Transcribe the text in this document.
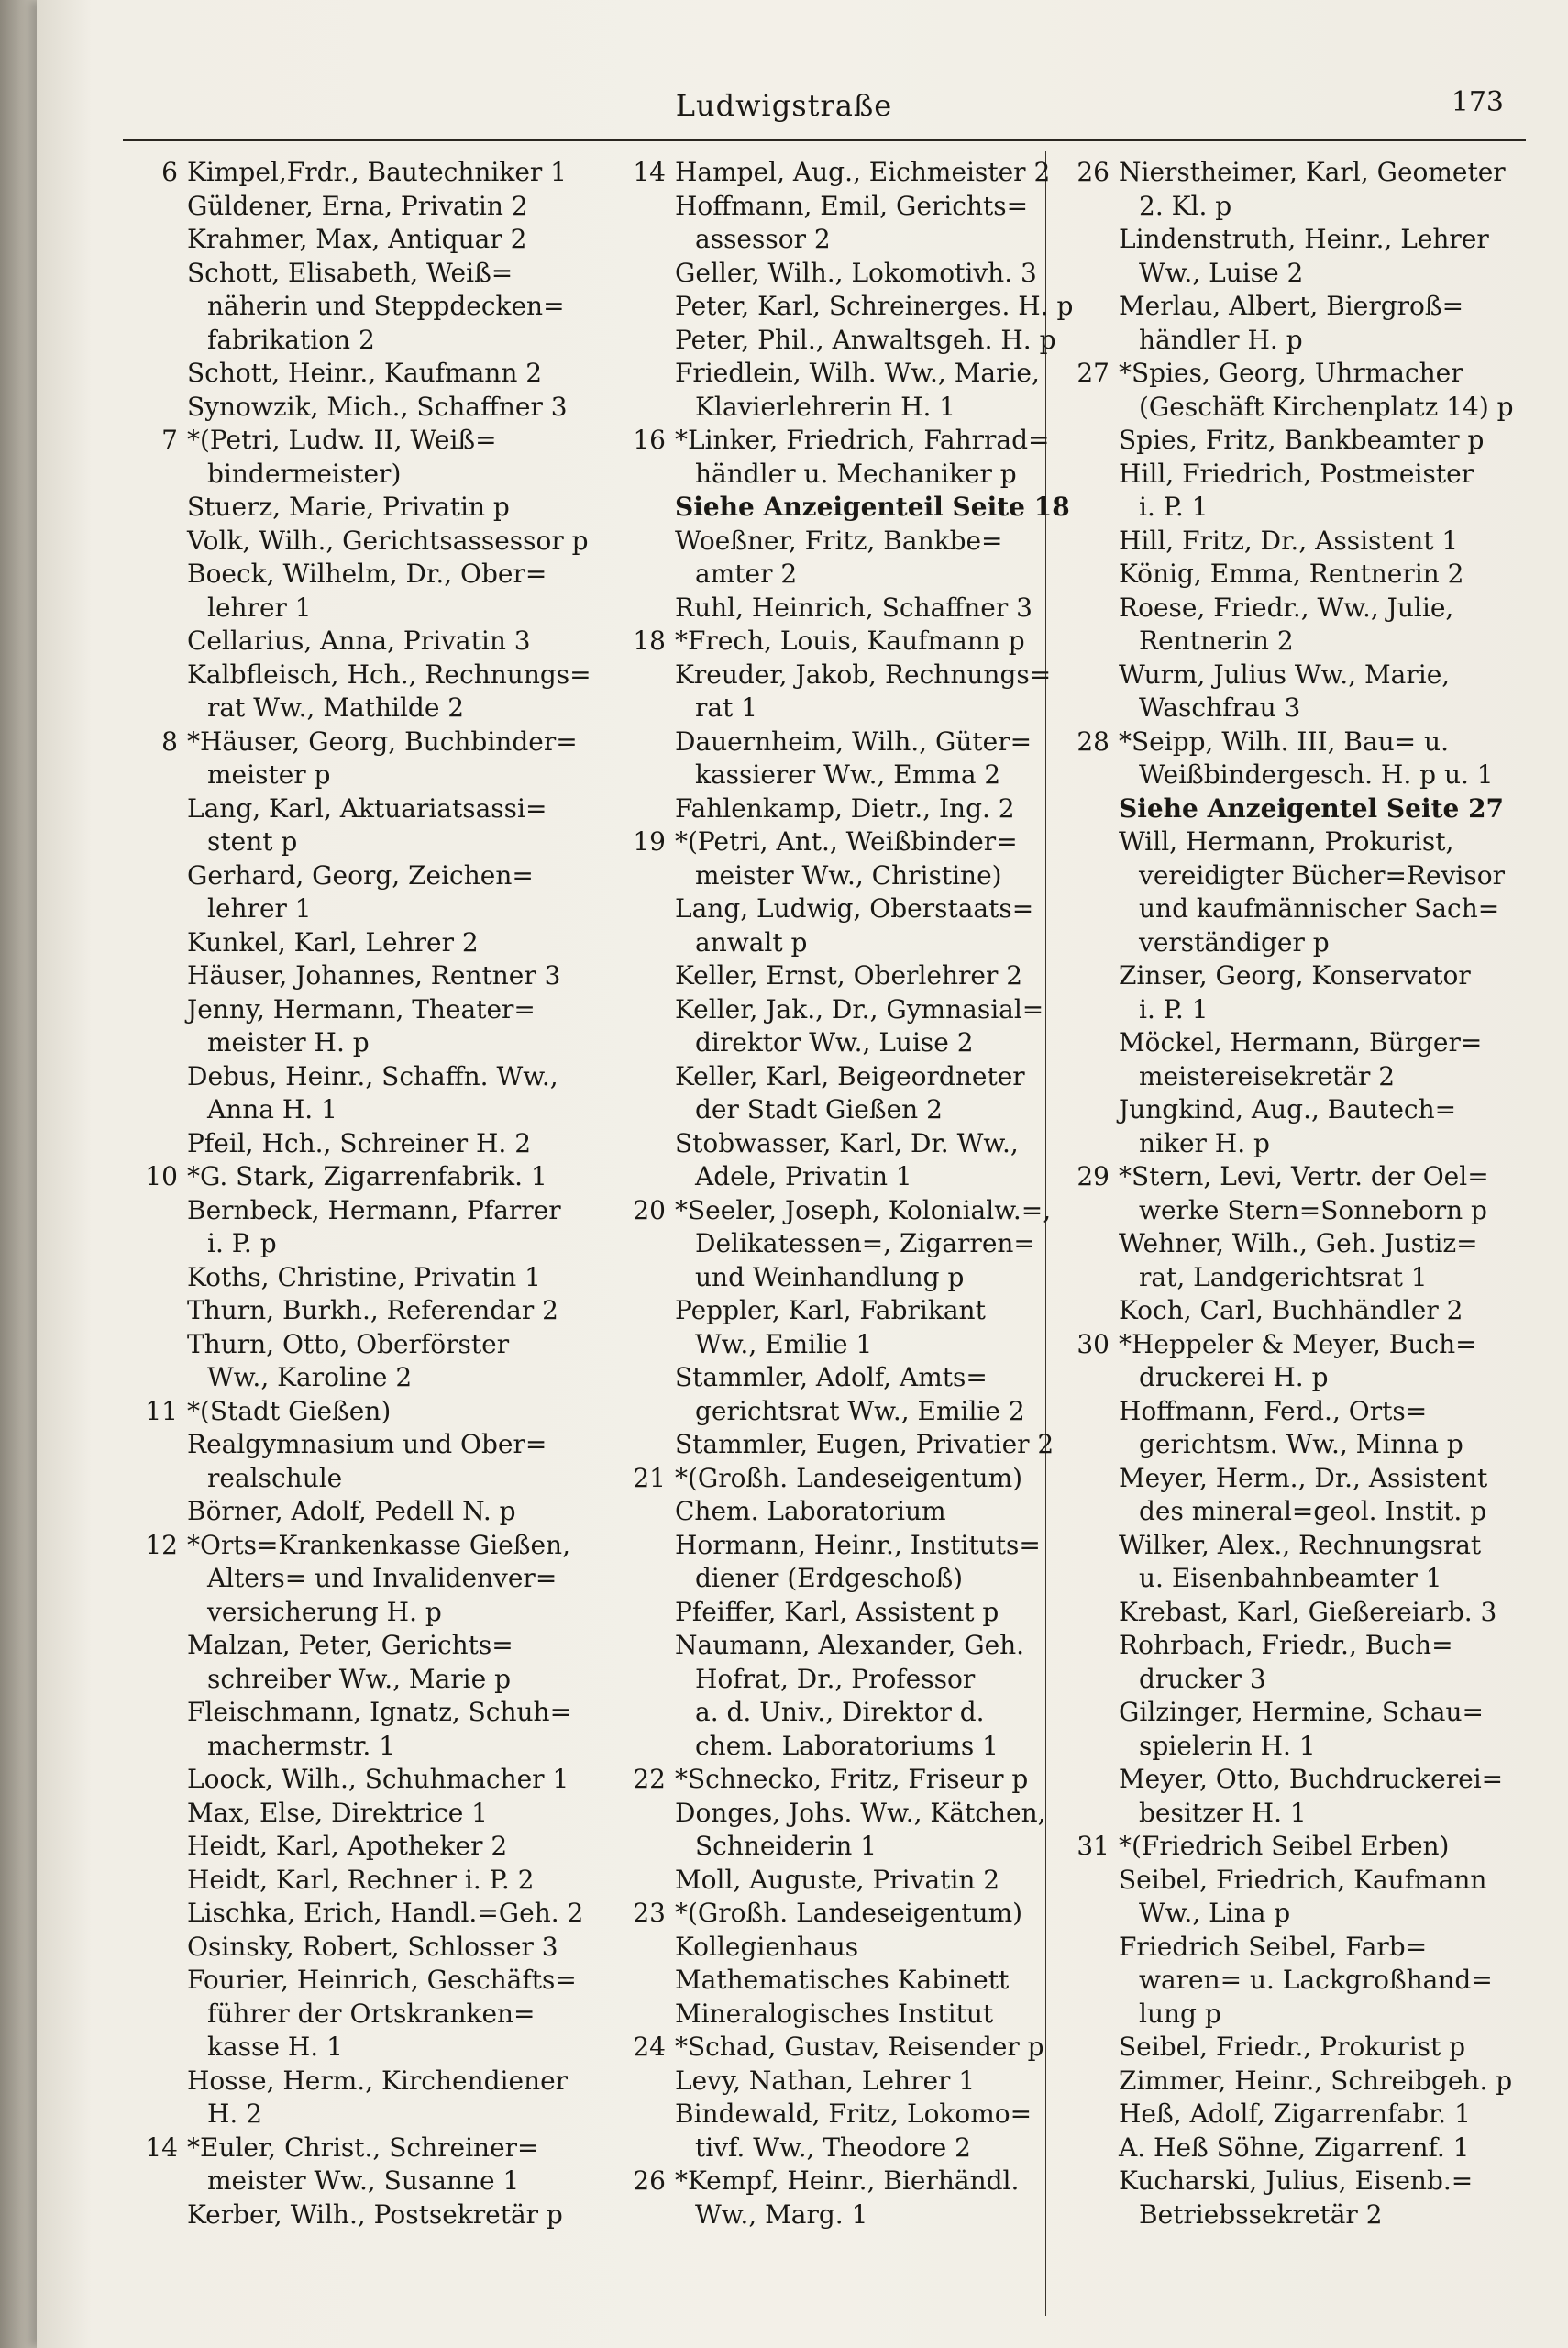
Ludwigstraße	173
6 Kimpel,Frdr., Bautechniker 1
Güldener, Erna, Privatin 2
Krahmer, Max, Antiquar 2
Schott, Elisabeth, Weiß=
näherin und Steppdecken=
fabrikation 2
Schott, Heinr., Kaufmann 2
Synowzik, Mich., Schaffner 3
7 *(Petri, Ludw. II, Weiß=
bindermeister)
Stuerz, Marie, Privatin p
Volk, Wilh., Gerichtsassessor p
Boeck, Wilhelm, Dr., Ober=
lehrer 1
Cellarius, Anna, Privatin 3
Kalbfleisch, Hch., Rechnungs=
rat Ww., Mathilde 2
8 *Häuser, Georg, Buchbinder=
meister p
Lang, Karl, Aktuariatsassi=
stent p
Gerhard, Georg, Zeichen=
lehrer 1
Kunkel, Karl, Lehrer 2
Häuser, Johannes, Rentner 3
Jenny, Hermann, Theater=
meister H. p
Debus, Heinr., Schaffn. Ww.,
Anna H. 1
Pfeil, Hch., Schreiner H. 2
10 *G. Stark, Zigarrenfabrik. 1
Bernbeck, Hermann, Pfarrer
i. P. p
Koths, Christine, Privatin 1
Thurn, Burkh., Referendar 2
Thurn, Otto, Oberförster
Ww., Karoline 2
11 *(Stadt Gießen)
Realgymnasium und Ober=
realschule
Börner, Adolf, Pedell N. p
12 *Orts=Krankenkasse Gießen,
Alters= und Invalidenver=
versicherung H. p
Malzan, Peter, Gerichts=
schreiber Ww., Marie p
Fleischmann, Ignatz, Schuh=
machermstr. 1
Loock, Wilh., Schuhmacher 1
Max, Else, Direktrice 1
Heidt, Karl, Apotheker 2
Heidt, Karl, Rechner i. P. 2
Lischka, Erich, Handl.=Geh. 2
Osinsky, Robert, Schlosser 3
Fourier, Heinrich, Geschäfts=
führer der Ortskranken=
kasse H. 1
Hosse, Herm., Kirchendiener
H. 2
14 *Euler, Christ., Schreiner=
meister Ww., Susanne 1
Kerber, Wilh., Postsekretär p
14 Hampel, Aug., Eichmeister 2
Hoffmann, Emil, Gerichts=
assessor 2
Geller, Wilh., Lokomotivh. 3
Peter, Karl, Schreinerges. H. p
Peter, Phil., Anwaltsgeh. H. p
Friedlein, Wilh. Ww., Marie,
Klavierlehrerin H. 1
16 *Linker, Friedrich, Fahrrad=
händler u. Mechaniker p
Siehe Anzeigenteil Seite 18
Woeßner, Fritz, Bankbe=
amter 2
Ruhl, Heinrich, Schaffner 3
18 *Frech, Louis, Kaufmann p
Kreuder, Jakob, Rechnungs=
rat 1
Dauernheim, Wilh., Güter=
kassierer Ww., Emma 2
Fahlenkamp, Dietr., Ing. 2
19 *(Petri, Ant., Weißbinder=
meister Ww., Christine)
Lang, Ludwig, Oberstaats=
anwalt p
Keller, Ernst, Oberlehrer 2
Keller, Jak., Dr., Gymnasial=
direktor Ww., Luise 2
Keller, Karl, Beigeordneter
der Stadt Gießen 2
Stobwasser, Karl, Dr. Ww.,
Adele, Privatin 1
20 *Seeler, Joseph, Kolonialw.=,
Delikatessen=, Zigarren=
und Weinhandlung p
Peppler, Karl, Fabrikant
Ww., Emilie 1
Stammler, Adolf, Amts=
gerichtsrat Ww., Emilie 2
Stammler, Eugen, Privatier 2
21 *(Großh. Landeseigentum)
Chem. Laboratorium
Hormann, Heinr., Instituts=
diener (Erdgeschoß)
Pfeiffer, Karl, Assistent p
Naumann, Alexander, Geh.
Hofrat, Dr., Professor
a. d. Univ., Direktor d.
chem. Laboratoriums 1
22 *Schnecko, Fritz, Friseur p
Donges, Johs. Ww., Kätchen,
Schneiderin 1
Moll, Auguste, Privatin 2
23 *(Großh. Landeseigentum)
Kollegienhaus
Mathematisches Kabinett
Mineralogisches Institut
24 *Schad, Gustav, Reisender p
Levy, Nathan, Lehrer 1
Bindewald, Fritz, Lokomo=
tivf. Ww., Theodore 2
26 *Kempf, Heinr., Bierhändl.
Ww., Marg. 1
26 Nierstheimer, Karl, Geometer
2. Kl. p
Lindenstruth, Heinr., Lehrer
Ww., Luise 2
Merlau, Albert, Biergroß=
händler H. p
27 *Spies, Georg, Uhrmacher
(Geschäft Kirchenplatz 14) p
Spies, Fritz, Bankbeamter p
Hill, Friedrich, Postmeister
i. P. 1
Hill, Fritz, Dr., Assistent 1
König, Emma, Rentnerin 2
Roese, Friedr., Ww., Julie,
Rentnerin 2
Wurm, Julius Ww., Marie,
Waschfrau 3
28 *Seipp, Wilh. III, Bau= u.
Weißbindergesch. H. p u. 1
Siehe Anzeigentel Seite 27
Will, Hermann, Prokurist,
vereidigter Bücher=Revisor
und kaufmännischer Sach=
verständiger p
Zinser, Georg, Konservator
i. P. 1
Möckel, Hermann, Bürger=
meistereisekretär 2
Jungkind, Aug., Bautech=
niker H. p
29 *Stern, Levi, Vertr. der Oel=
werke Stern=Sonneborn p
Wehner, Wilh., Geh. Justiz=
rat, Landgerichtsrat 1
Koch, Carl, Buchhändler 2
30 *Heppeler & Meyer, Buch=
druckerei H. p
Hoffmann, Ferd., Orts=
gerichtsm. Ww., Minna p
Meyer, Herm., Dr., Assistent
des mineral=geol. Instit. p
Wilker, Alex., Rechnungsrat
u. Eisenbahnbeamter 1
Krebast, Karl, Gießereiarb. 3
Rohrbach, Friedr., Buch=
drucker 3
Gilzinger, Hermine, Schau=
spielerin H. 1
Meyer, Otto, Buchdruckerei=
besitzer H. 1
31 *(Friedrich Seibel Erben)
Seibel, Friedrich, Kaufmann
Ww., Lina p
Friedrich Seibel, Farb=
waren= u. Lackgroßhand=
lung p
Seibel, Friedr., Prokurist p
Zimmer, Heinr., Schreibgeh. p
Heß, Adolf, Zigarrenfabr. 1
A. Heß Söhne, Zigarrenf. 1
Kucharski, Julius, Eisenb.=
Betriebssekretär 2
